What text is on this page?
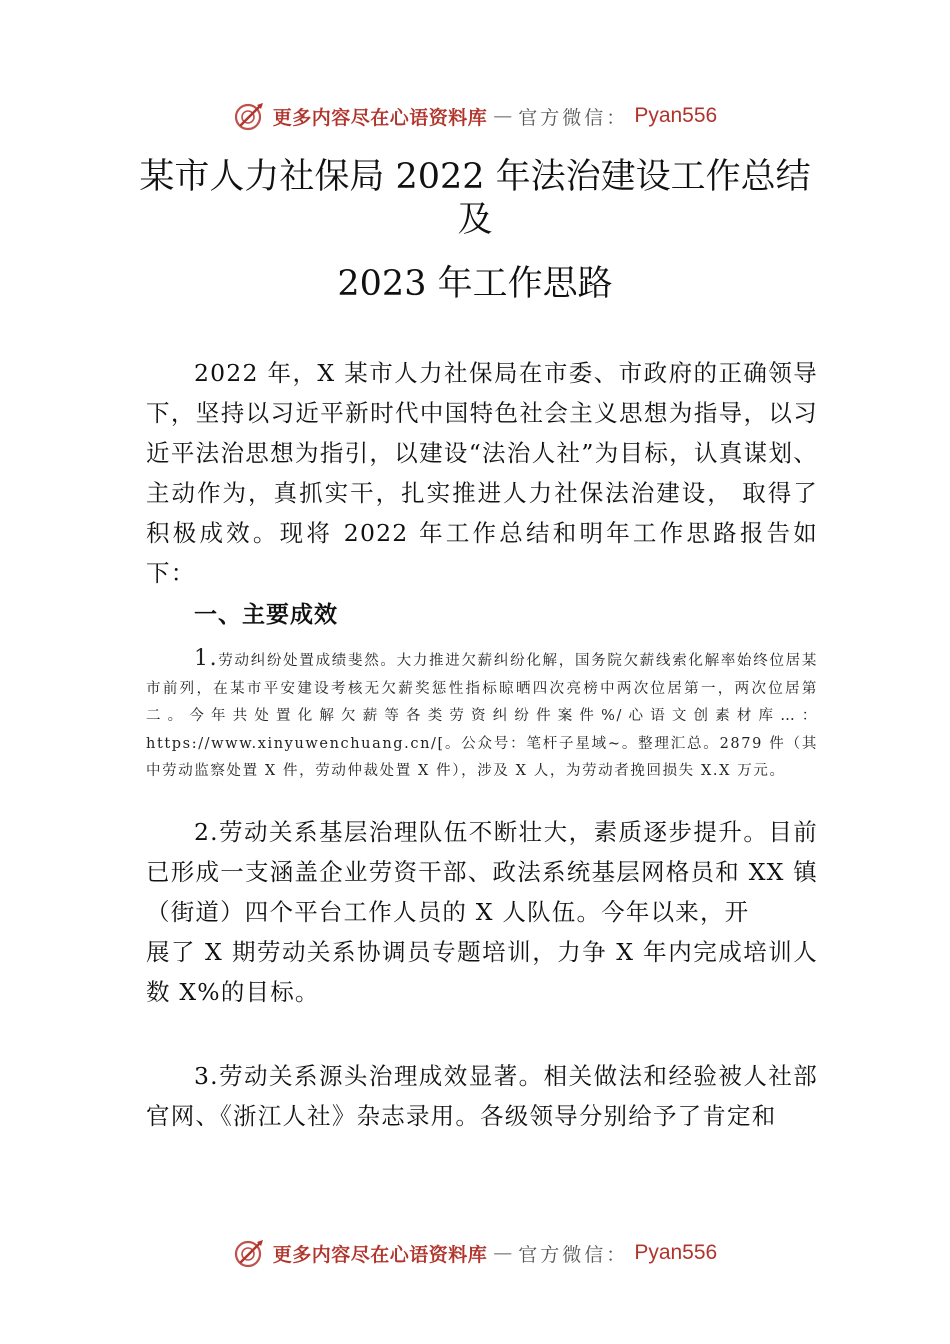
更多内容尽在心语资料库 — 官方微信： Pyan556
某市人力社保局 2022 年法治建设工作总结
及
2023 年工作思路

2022 年，X 某市人力社保局在市委、市政府的正确领导下，坚持以习近平新时代中国特色社会主义思想为指导，以习近平法治思想为指引，以建设“法治人社”为目标，认真谋划、主动作为，真抓实干，扎实推进人力社保法治建设， 取得了积极成效。现将 2022 年工作总结和明年工作思路报告如下：

一、主要成效

1.劳动纠纷处置成绩斐然。大力推进欠薪纠纷化解，国务院欠薪线索化解率始终位居某市前列，在某市平安建设考核无欠薪奖惩性指标晾晒四次亮榜中两次位居第一，两次位居第二。今年共处置化解欠薪等各类劳资纠纷件案件%/心语文创素材库…：https://www.xinyuwenchuang.cn/[。公众号：笔杆子星域~。整理汇总。2879 件（其中劳动监察处置 X 件，劳动仲裁处置 X 件），涉及 X 人，为劳动者挽回损失 X.X 万元。

2.劳动关系基层治理队伍不断壮大，素质逐步提升。目前已形成一支涵盖企业劳资干部、政法系统基层网格员和 XX 镇（街道）四个平台工作人员的 X 人队伍。今年以来，开

展了 X 期劳动关系协调员专题培训，力争 X 年内完成培训人数 X%的目标。

3.劳动关系源头治理成效显著。相关做法和经验被人社部官网、《浙江人社》杂志录用。各级领导分别给予了肯定和

更多内容尽在心语资料库 — 官方微信： Pyan556
